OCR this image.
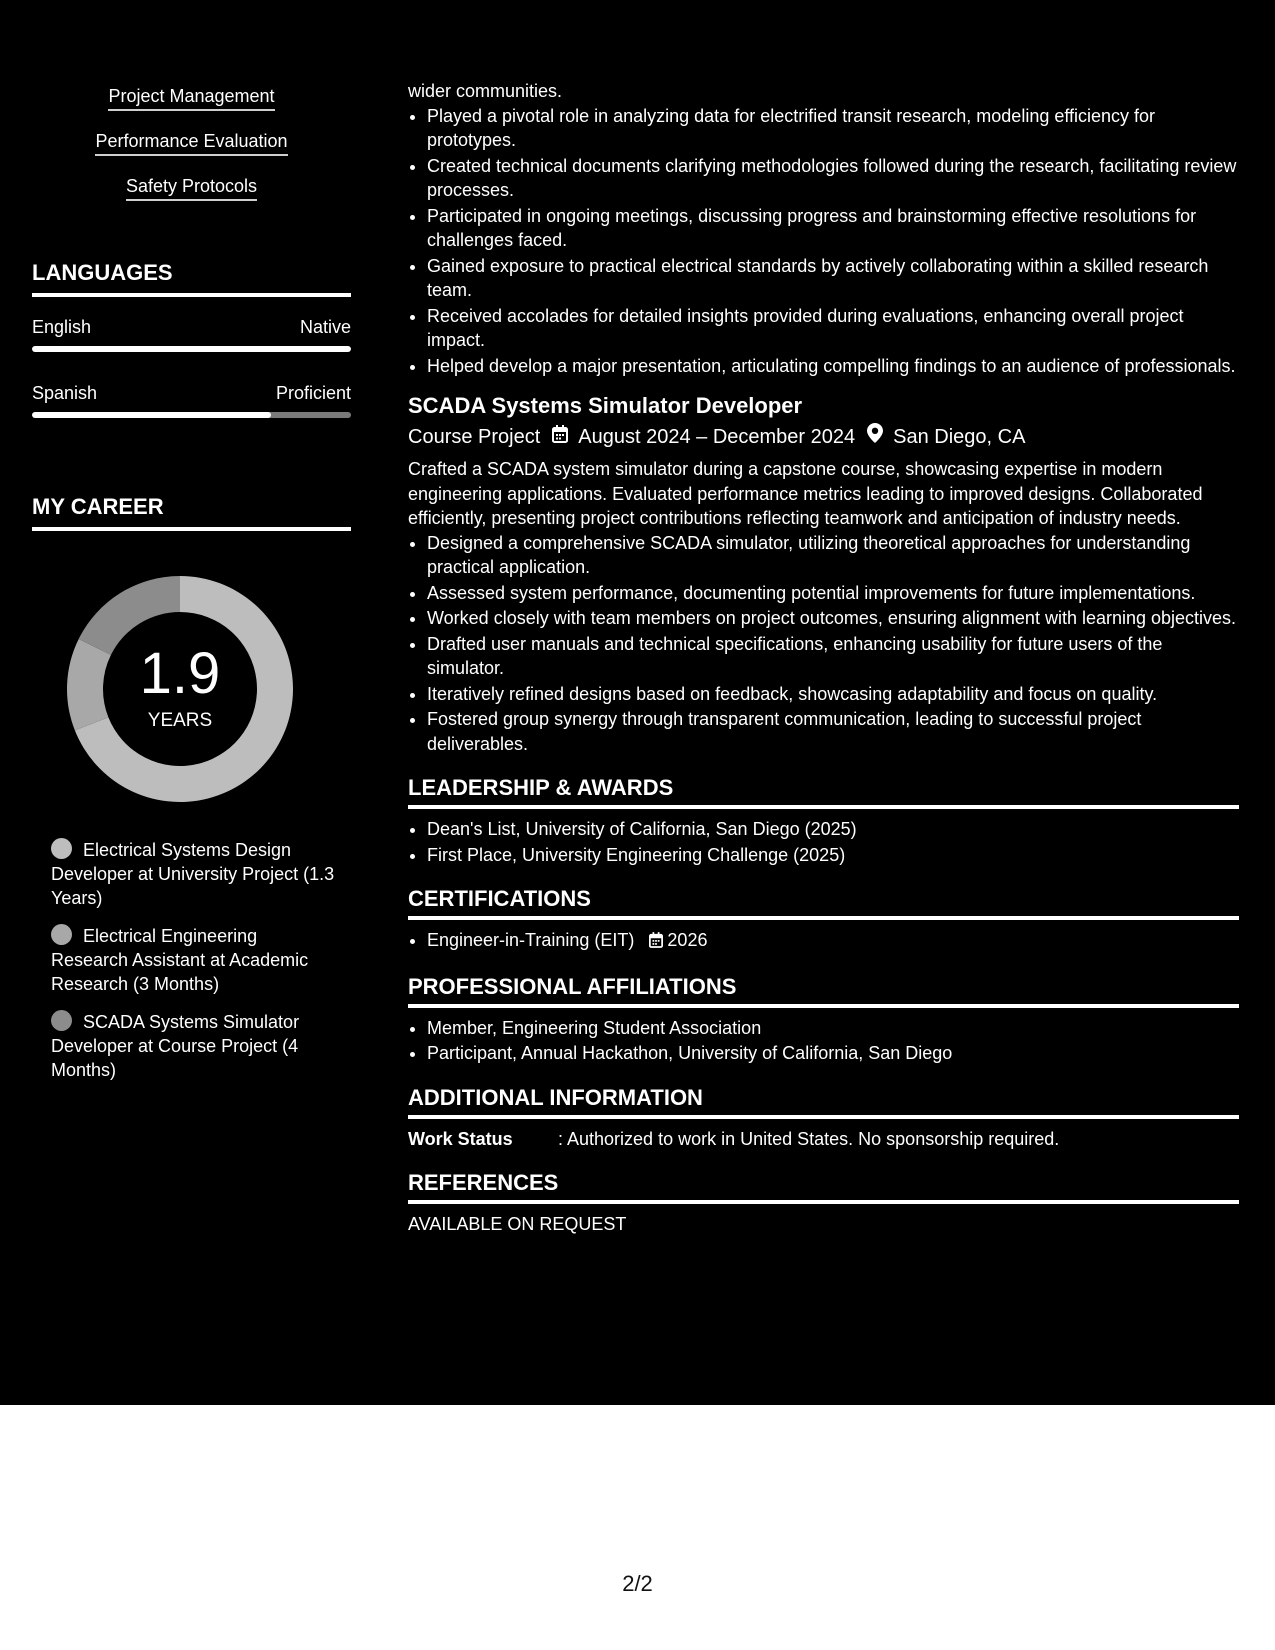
Project Management
Performance Evaluation
Safety Protocols
LANGUAGES
English	Native
Spanish	Proficient
MY CAREER
1.9
YEARS
Electrical Systems Design Developer at University Project (1.3 Years)
Electrical Engineering Research Assistant at Academic Research (3 Months)
SCADA Systems Simulator Developer at Course Project (4 Months)
wider communities.
• Played a pivotal role in analyzing data for electrified transit research, modeling efficiency for prototypes.
• Created technical documents clarifying methodologies followed during the research, facilitating review processes.
• Participated in ongoing meetings, discussing progress and brainstorming effective resolutions for challenges faced.
• Gained exposure to practical electrical standards by actively collaborating within a skilled research team.
• Received accolades for detailed insights provided during evaluations, enhancing overall project impact.
• Helped develop a major presentation, articulating compelling findings to an audience of professionals.
SCADA Systems Simulator Developer
Course Project August 2024 – December 2024 San Diego, CA
Crafted a SCADA system simulator during a capstone course, showcasing expertise in modern engineering applications. Evaluated performance metrics leading to improved designs. Collaborated efficiently, presenting project contributions reflecting teamwork and anticipation of industry needs.
• Designed a comprehensive SCADA simulator, utilizing theoretical approaches for understanding practical application.
• Assessed system performance, documenting potential improvements for future implementations.
• Worked closely with team members on project outcomes, ensuring alignment with learning objectives.
• Drafted user manuals and technical specifications, enhancing usability for future users of the simulator.
• Iteratively refined designs based on feedback, showcasing adaptability and focus on quality.
• Fostered group synergy through transparent communication, leading to successful project deliverables.
LEADERSHIP & AWARDS
• Dean's List, University of California, San Diego (2025)
• First Place, University Engineering Challenge (2025)
CERTIFICATIONS
• Engineer-in-Training (EIT) 2026
PROFESSIONAL AFFILIATIONS
• Member, Engineering Student Association
• Participant, Annual Hackathon, University of California, San Diego
ADDITIONAL INFORMATION
Work Status	: Authorized to work in United States. No sponsorship required.
REFERENCES
AVAILABLE ON REQUEST
2/2
